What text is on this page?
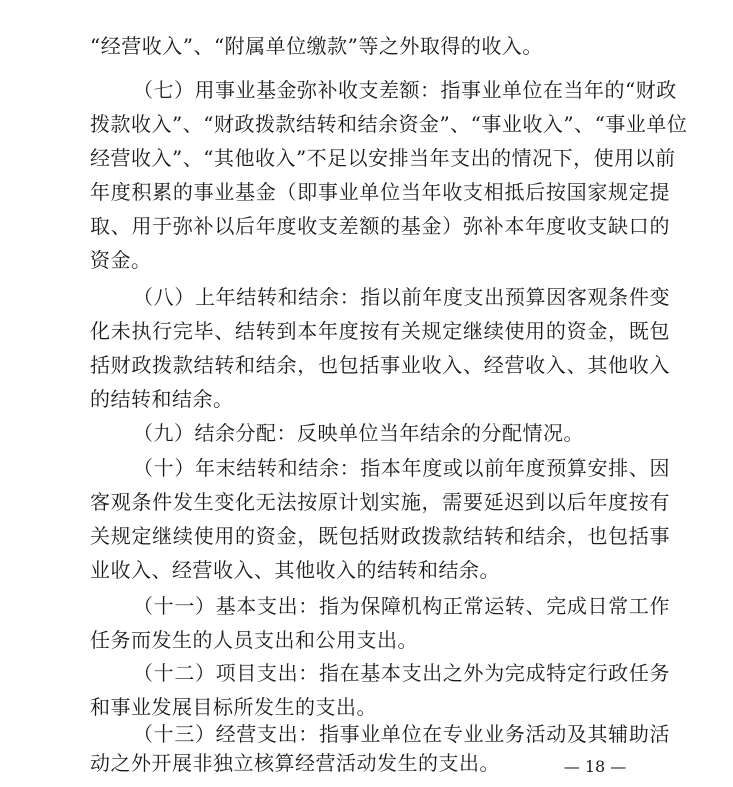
“经营收入”、“附属单位缴款”等之外取得的收入。
（七）用事业基金弥补收支差额：指事业单位在当年的“财政
拨款收入”、“财政拨款结转和结余资金”、“事业收入”、“事业单位
经营收入”、“其他收入”不足以安排当年支出的情况下，使用以前
年度积累的事业基金（即事业单位当年收支相抵后按国家规定提
取、用于弥补以后年度收支差额的基金）弥补本年度收支缺口的
资金。
（八）上年结转和结余：指以前年度支出预算因客观条件变
化未执行完毕、结转到本年度按有关规定继续使用的资金，既包
括财政拨款结转和结余，也包括事业收入、经营收入、其他收入
的结转和结余。
（九）结余分配：反映单位当年结余的分配情况。
（十）年末结转和结余：指本年度或以前年度预算安排、因
客观条件发生变化无法按原计划实施，需要延迟到以后年度按有
关规定继续使用的资金，既包括财政拨款结转和结余，也包括事
业收入、经营收入、其他收入的结转和结余。
（十一）基本支出：指为保障机构正常运转、完成日常工作
任务而发生的人员支出和公用支出。
（十二）项目支出：指在基本支出之外为完成特定行政任务
和事业发展目标所发生的支出。
（十三）经营支出：指事业单位在专业业务活动及其辅助活
动之外开展非独立核算经营活动发生的支出。	— 18 —
